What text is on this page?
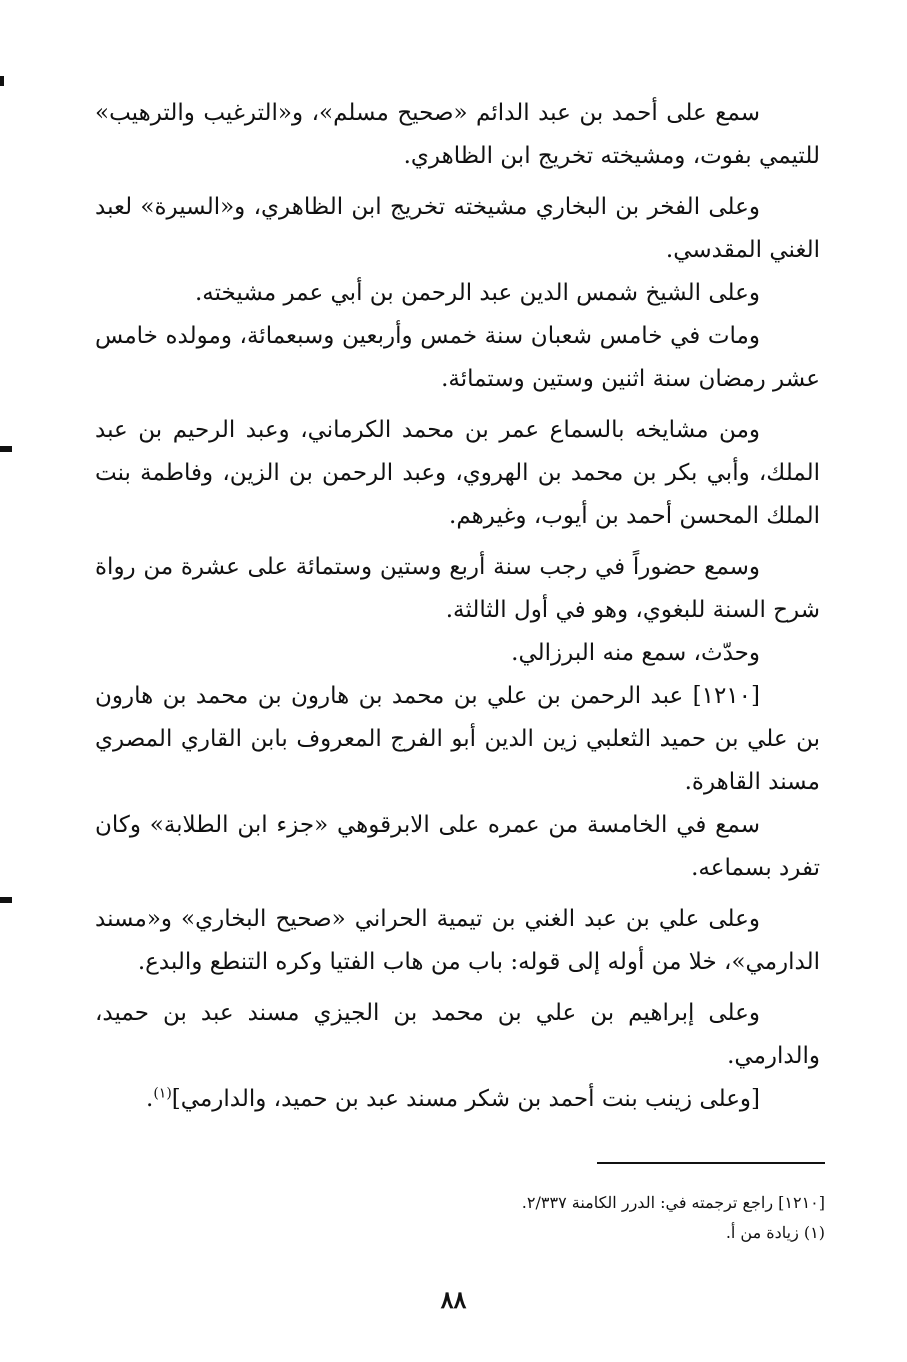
سمع على أحمد بن عبد الدائم «صحيح مسلم»، و«الترغيب والترهيب» للتيمي بفوت، ومشيخته تخريج ابن الظاهري.

وعلى الفخر بن البخاري مشيخته تخريج ابن الظاهري، و«السيرة» لعبد الغني المقدسي.

وعلى الشيخ شمس الدين عبد الرحمن بن أبي عمر مشيخته.

ومات في خامس شعبان سنة خمس وأربعين وسبعمائة، ومولده خامس عشر رمضان سنة اثنين وستين وستمائة.

ومن مشايخه بالسماع عمر بن محمد الكرماني، وعبد الرحيم بن عبد الملك، وأبي بكر بن محمد بن الهروي، وعبد الرحمن بن الزين، وفاطمة بنت الملك المحسن أحمد بن أيوب، وغيرهم.

وسمع حضوراً في رجب سنة أربع وستين وستمائة على عشرة من رواة شرح السنة للبغوي، وهو في أول الثالثة.

وحدّث، سمع منه البرزالي.

[١٢١٠] عبد الرحمن بن علي بن محمد بن هارون بن محمد بن هارون بن علي بن حميد الثعلبي زين الدين أبو الفرج المعروف بابن القاري المصري مسند القاهرة.

سمع في الخامسة من عمره على الابرقوهي «جزء ابن الطلابة» وكان تفرد بسماعه.

وعلى علي بن عبد الغني بن تيمية الحراني «صحيح البخاري» و«مسند الدارمي»، خلا من أوله إلى قوله: باب من هاب الفتيا وكره التنطع والبدع.

وعلى إبراهيم بن علي بن محمد بن الجيزي مسند عبد بن حميد، والدارمي.

[وعلى زينب بنت أحمد بن شكر مسند عبد بن حميد، والدارمي]$^{(١)}$.

[١٢١٠] راجع ترجمته في: الدرر الكامنة ٢/٣٣٧.

(١) زيادة من أ.

٨٨
